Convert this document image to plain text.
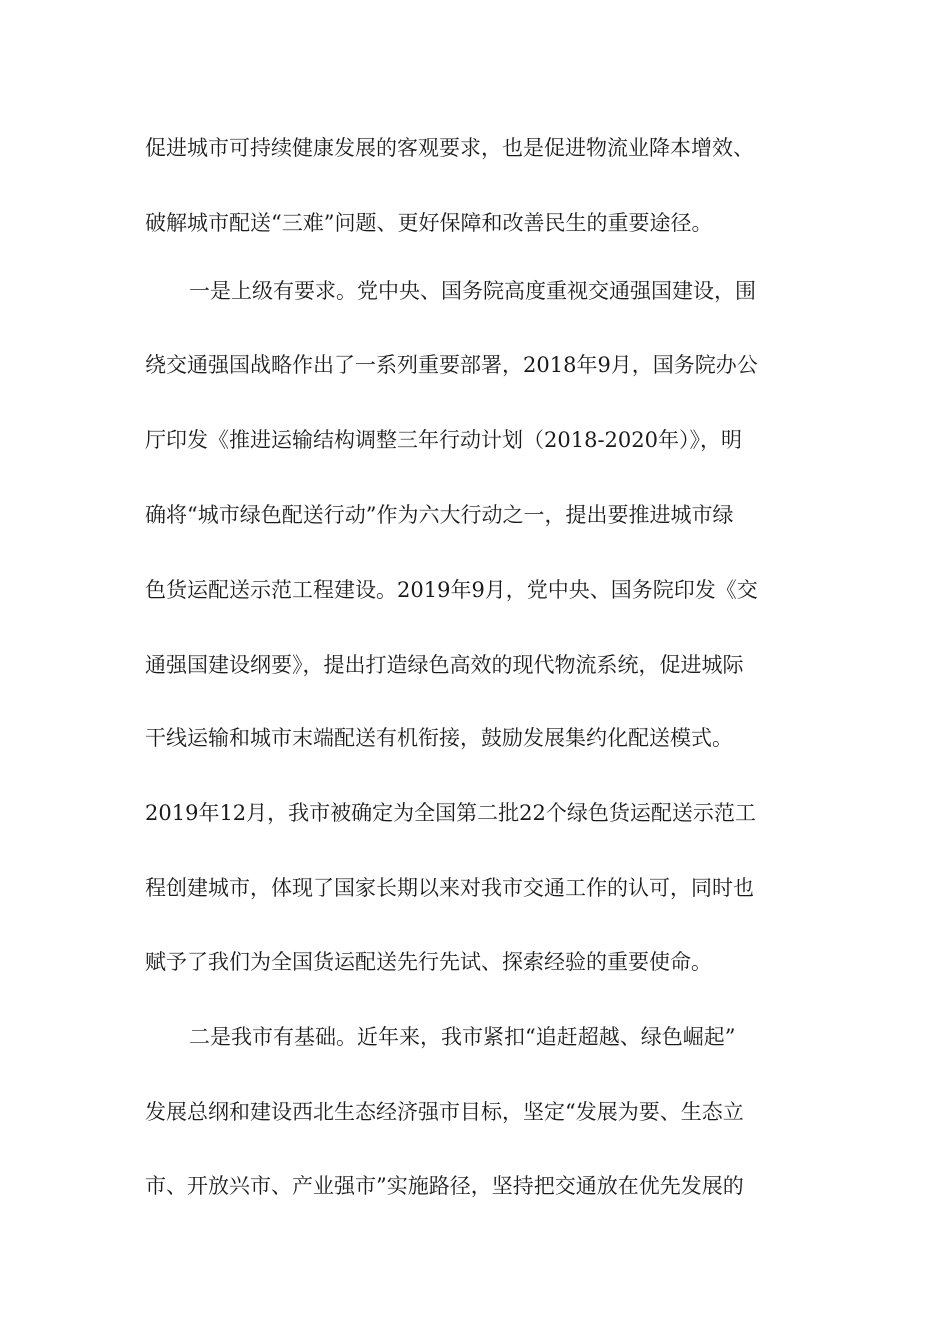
促进城市可持续健康发展的客观要求，也是促进物流业降本增效、
破解城市配送“三难”问题、更好保障和改善民生的重要途径。
一是上级有要求。党中央、国务院高度重视交通强国建设，围
绕交通强国战略作出了一系列重要部署，2018年9月，国务院办公
厅印发《推进运输结构调整三年行动计划（2018-2020年）》，明
确将“城市绿色配送行动”作为六大行动之一，提出要推进城市绿
色货运配送示范工程建设。2019年9月，党中央、国务院印发《交
通强国建设纲要》，提出打造绿色高效的现代物流系统，促进城际
干线运输和城市末端配送有机衔接，鼓励发展集约化配送模式。
2019年12月，我市被确定为全国第二批22个绿色货运配送示范工
程创建城市，体现了国家长期以来对我市交通工作的认可，同时也
赋予了我们为全国货运配送先行先试、探索经验的重要使命。
二是我市有基础。近年来，我市紧扣“追赶超越、绿色崛起”
发展总纲和建设西北生态经济强市目标，坚定“发展为要、生态立
市、开放兴市、产业强市”实施路径，坚持把交通放在优先发展的
